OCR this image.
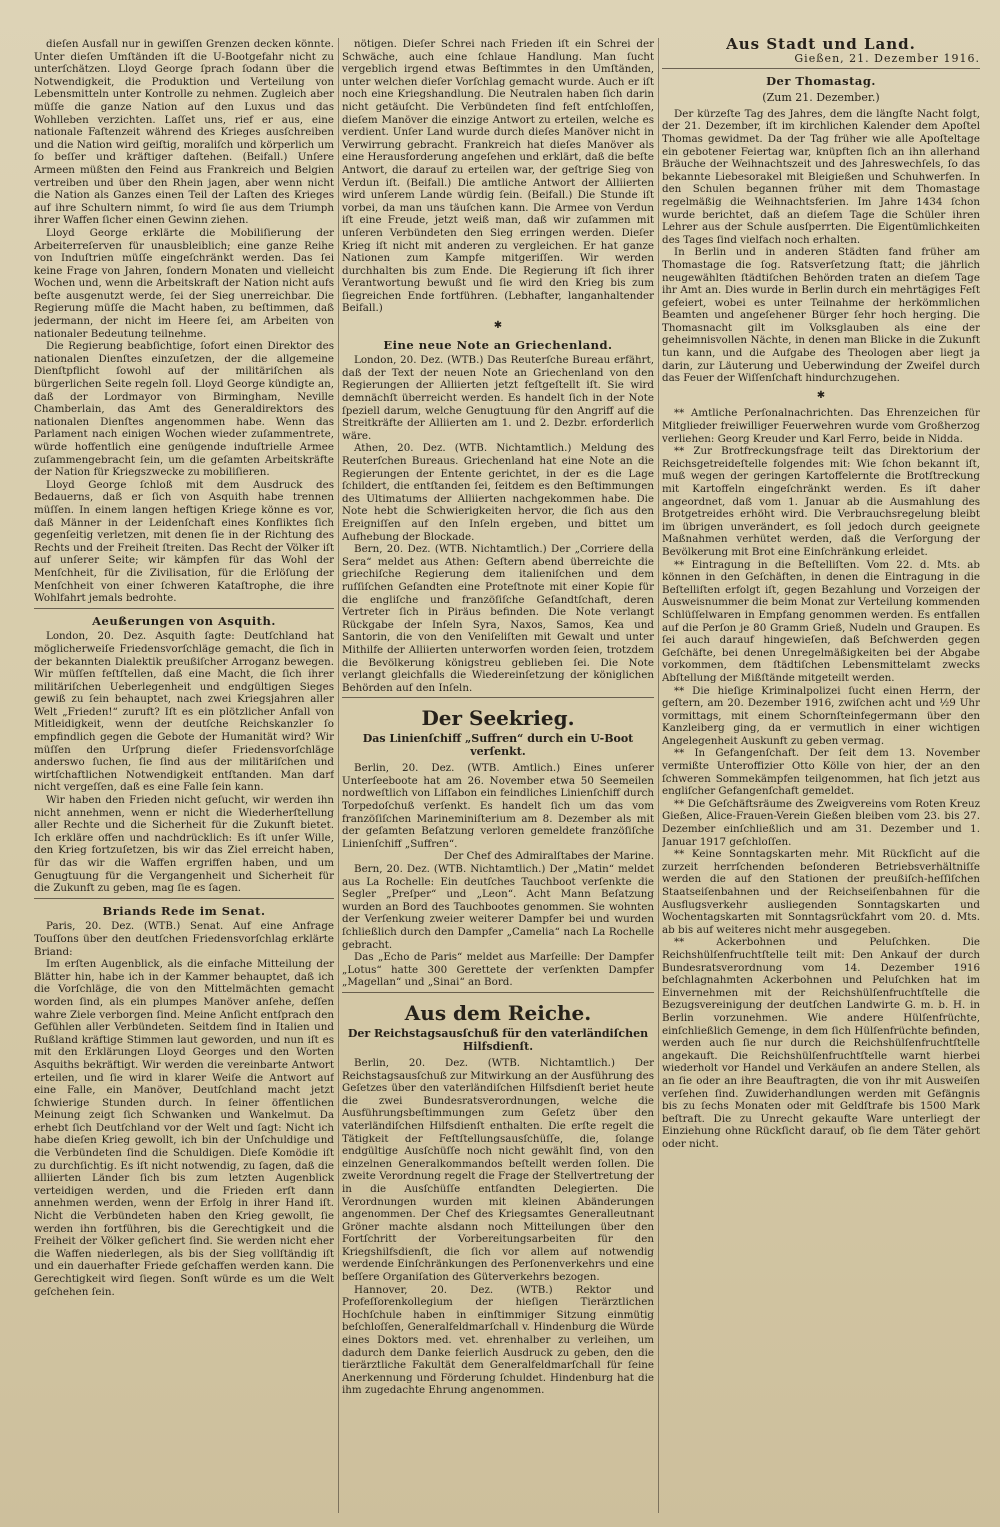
dieſen Ausfall nur in gewiſſen Grenzen decken könnte. Unter dieſen Umſtänden iſt die U-Bootgefahr nicht zu unterſchätzen. Lloyd George ſprach ſodann über die Notwendigkeit, die Produktion und Verteilung von Lebensmitteln unter Kontrolle zu nehmen. Zugleich aber müſſe die ganze Nation auf den Luxus und das Wohlleben verzichten. Laſſet uns, rief er aus, eine nationale Faſtenzeit während des Krieges ausſchreiben und die Nation wird geiſtig, moraliſch und körperlich um ſo beſſer und kräftiger daſtehen. (Beifall.) Unſere Armeen müßten den Feind aus Frankreich und Belgien vertreiben und über den Rhein jagen, aber wenn nicht die Nation als Ganzes einen Teil der Laſten des Krieges auf ihre Schultern nimmt, ſo wird ſie aus dem Triumph ihrer Waffen ſicher einen Gewinn ziehen.

Lloyd George erklärte die Mobiliſierung der Arbeiterreſerven für unausbleiblich; eine ganze Reihe von Induſtrien müſſe eingeſchränkt werden. Das ſei keine Frage von Jahren, ſondern Monaten und vielleicht Wochen und, wenn die Arbeitskraft der Nation nicht aufs beſte ausgenutzt werde, ſei der Sieg unerreichbar. Die Regierung müſſe die Macht haben, zu beſtimmen, daß jedermann, der nicht im Heere ſei, am Arbeiten von nationaler Bedeutung teilnehme.

Die Regierung beabſichtige, ſofort einen Direktor des nationalen Dienſtes einzuſetzen, der die allgemeine Dienſtpflicht ſowohl auf der militäriſchen als bürgerlichen Seite regeln ſoll. Lloyd George kündigte an, daß der Lordmayor von Birmingham, Neville Chamberlain, das Amt des Generaldirektors des nationalen Dienſtes angenommen habe. Wenn das Parlament nach einigen Wochen wieder zuſammentrete, würde hoffentlich eine genügende induſtrielle Armee zuſammengebracht ſein, um die geſamten Arbeitskräfte der Nation für Kriegszwecke zu mobiliſieren.

Lloyd George ſchloß mit dem Ausdruck des Bedauerns, daß er ſich von Asquith habe trennen müſſen. In einem langen heftigen Kriege könne es vor, daß Männer in der Leidenſchaft eines Konfliktes ſich gegenſeitig verletzen, mit denen ſie in der Richtung des Rechts und der Freiheit ſtreiten. Das Recht der Völker iſt auf unſerer Seite; wir kämpfen für das Wohl der Menſchheit, für die Zivilisation, für die Erlöſung der Menſchheit von einer ſchweren Kataſtrophe, die ihre Wohlfahrt jemals bedrohte.

Aeußerungen von Asquith.

London, 20. Dez. Asquith ſagte: Deutſchland hat möglicherweiſe Friedensvorſchläge gemacht, die ſich in der bekannten Dialektik preußiſcher Arroganz bewegen. Wir müſſen feſtſtellen, daß eine Macht, die ſich ihrer militäriſchen Ueberlegenheit und endgültigen Sieges gewiß zu ſein behauptet, nach zwei Kriegsjahren aller Welt „Frieden!“ zuruft? Iſt es ein plötzlicher Anfall von Mitleidigkeit, wenn der deutſche Reichskanzler ſo empfindlich gegen die Gebote der Humanität wird? Wir müſſen den Urſprung dieſer Friedensvorſchläge anderswo ſuchen, ſie ſind aus der militäriſchen und wirtſchaftlichen Notwendigkeit entſtanden. Man darf nicht vergeſſen, daß es eine Falle ſein kann.

Wir haben den Frieden nicht geſucht, wir werden ihn nicht annehmen, wenn er nicht die Wiederherſtellung aller Rechte und die Sicherheit für die Zukunft bietet. Ich erkläre offen und nachdrücklich: Es iſt unſer Wille, den Krieg fortzuſetzen, bis wir das Ziel erreicht haben, für das wir die Waffen ergriffen haben, und um Genugtuung für die Vergangenheit und Sicherheit für die Zukunft zu geben, mag ſie es ſagen.

Briands Rede im Senat.

Paris, 20. Dez. (WTB.) Senat. Auf eine Anfrage Touſſons über den deutſchen Friedensvorſchlag erklärte Briand:

Im erſten Augenblick, als die einfache Mitteilung der Blätter hin, habe ich in der Kammer behauptet, daß ich die Vorſchläge, die von den Mittelmächten gemacht worden ſind, als ein plumpes Manöver anſehe, deſſen wahre Ziele verborgen ſind. Meine Anſicht entſprach den Gefühlen aller Verbündeten. Seitdem ſind in Italien und Rußland kräftige Stimmen laut geworden, und nun iſt es mit den Erklärungen Lloyd Georges und den Worten Asquiths bekräftigt. Wir werden die vereinbarte Antwort erteilen, und ſie wird in klarer Weiſe die Antwort auf eine Falle, ein Manöver, Deutſchland macht jetzt ſchwierige Stunden durch. In ſeiner öffentlichen Meinung zeigt ſich Schwanken und Wankelmut. Da erhebt ſich Deutſchland vor der Welt und ſagt: Nicht ich habe dieſen Krieg gewollt, ich bin der Unſchuldige und die Verbündeten ſind die Schuldigen. Dieſe Komödie iſt zu durchſichtig. Es iſt nicht notwendig, zu ſagen, daß die alliierten Länder ſich bis zum letzten Augenblick verteidigen werden, und die Frieden erſt dann annehmen werden, wenn der Erfolg in ihrer Hand iſt. Nicht die Verbündeten haben den Krieg gewollt, ſie werden ihn fortführen, bis die Gerechtigkeit und die Freiheit der Völker geſichert ſind. Sie werden nicht eher die Waffen niederlegen, als bis der Sieg vollſtändig iſt und ein dauerhafter Friede geſchaffen werden kann. Die Gerechtigkeit wird ſiegen. Sonſt würde es um die Welt geſchehen ſein.

nötigen. Dieſer Schrei nach Frieden iſt ein Schrei der Schwäche, auch eine ſchlaue Handlung. Man ſucht vergeblich irgend etwas Beſtimmtes in den Umſtänden, unter welchen dieſer Vorſchlag gemacht wurde. Auch er iſt noch eine Kriegshandlung. Die Neutralen haben ſich darin nicht getäuſcht. Die Verbündeten ſind feſt entſchloſſen, dieſem Manöver die einzige Antwort zu erteilen, welche es verdient. Unſer Land wurde durch dieſes Manöver nicht in Verwirrung gebracht. Frankreich hat dieſes Manöver als eine Herausforderung angeſehen und erklärt, daß die beſte Antwort, die darauf zu erteilen war, der geſtrige Sieg von Verdun iſt. (Beifall.) Die amtliche Antwort der Alliierten wird unſerem Lande würdig ſein. (Beifall.) Die Stunde iſt vorbei, da man uns täuſchen kann. Die Armee von Verdun iſt eine Freude, jetzt weiß man, daß wir zuſammen mit unſeren Verbündeten den Sieg erringen werden. Dieſer Krieg iſt nicht mit anderen zu vergleichen. Er hat ganze Nationen zum Kampfe mitgeriſſen. Wir werden durchhalten bis zum Ende. Die Regierung iſt ſich ihrer Verantwortung bewußt und ſie wird den Krieg bis zum ſiegreichen Ende fortführen. (Lebhafter, langanhaltender Beifall.)

✱
Eine neue Note an Griechenland.

London, 20. Dez. (WTB.) Das Reuterſche Bureau erfährt, daß der Text der neuen Note an Griechenland von den Regierungen der Alliierten jetzt feſtgeſtellt iſt. Sie wird demnächſt überreicht werden. Es handelt ſich in der Note ſpeziell darum, welche Genugtuung für den Angriff auf die Streitkräfte der Alliierten am 1. und 2. Dezbr. erforderlich wäre.

Athen, 20. Dez. (WTB. Nichtamtlich.) Meldung des Reuterſchen Bureaus. Griechenland hat eine Note an die Regierungen der Entente gerichtet, in der es die Lage ſchildert, die entſtanden ſei, ſeitdem es den Beſtimmungen des Ultimatums der Alliierten nachgekommen habe. Die Note hebt die Schwierigkeiten hervor, die ſich aus den Ereigniſſen auf den Inſeln ergeben, und bittet um Aufhebung der Blockade.

Bern, 20. Dez. (WTB. Nichtamtlich.) Der „Corriere della Sera“ meldet aus Athen: Geſtern abend überreichte die griechiſche Regierung dem italieniſchen und dem ruſſiſchen Geſandten eine Proteſtnote mit einer Kopie für die engliſche und franzöſiſche Geſandtſchaft, deren Vertreter ſich in Piräus befinden. Die Note verlangt Rückgabe der Inſeln Syra, Naxos, Samos, Kea und Santorin, die von den Veniſeliſten mit Gewalt und unter Mithilfe der Alliierten unterworfen worden ſeien, trotzdem die Bevölkerung königstreu geblieben ſei. Die Note verlangt gleichfalls die Wiedereinſetzung der königlichen Behörden auf den Inſeln.

Der Seekrieg.
Das Linienſchiff „Suffren“ durch ein U-Boot verſenkt.

Berlin, 20. Dez. (WTB. Amtlich.) Eines unſerer Unterſeeboote hat am 26. November etwa 50 Seemeilen nordweſtlich von Liſſabon ein feindliches Linienſchiff durch Torpedoſchuß verſenkt. Es handelt ſich um das vom franzöſiſchen Marineminiſterium am 8. Dezember als mit der geſamten Beſatzung verloren gemeldete franzöſiſche Linienſchiff „Suffren“.

Der Chef des Admiralſtabes der Marine.

Bern, 20. Dez. (WTB. Nichtamtlich.) Der „Matin“ meldet aus La Rochelle: Ein deutſches Tauchboot verſenkte die Segler „Preſper“ und „Leon“. Acht Mann Beſatzung wurden an Bord des Tauchbootes genommen. Sie wohnten der Verſenkung zweier weiterer Dampfer bei und wurden ſchließlich durch den Dampfer „Camelia“ nach La Rochelle gebracht.

Das „Echo de Paris“ meldet aus Marſeille: Der Dampfer „Lotus“ hatte 300 Gerettete der verſenkten Dampfer „Magellan“ und „Sinai“ an Bord.

Aus dem Reiche.
Der Reichstagsausſchuß für den vaterländiſchen Hilfsdienſt.

Berlin, 20. Dez. (WTB. Nichtamtlich.) Der Reichstagsausſchuß zur Mitwirkung an der Ausführung des Geſetzes über den vaterländiſchen Hilfsdienſt beriet heute die zwei Bundesratsverordnungen, welche die Ausführungsbeſtimmungen zum Geſetz über den vaterländiſchen Hilfsdienſt enthalten. Die erſte regelt die Tätigkeit der Feſtſtellungsausſchüſſe, die, ſolange endgültige Ausſchüſſe noch nicht gewählt ſind, von den einzelnen Generalkommandos beſtellt werden ſollen. Die zweite Verordnung regelt die Frage der Stellvertretung der in die Ausſchüſſe entſandten Delegierten. Die Verordnungen wurden mit kleinen Abänderungen angenommen. Der Chef des Kriegsamtes Generalleutnant Gröner machte alsdann noch Mitteilungen über den Fortſchritt der Vorbereitungsarbeiten für den Kriegshilfsdienſt, die ſich vor allem auf notwendig werdende Einſchränkungen des Perſonenverkehrs und eine beſſere Organiſation des Güterverkehrs bezogen.

Hannover, 20. Dez. (WTB.) Rektor und Profeſſorenkollegium der hieſigen Tierärztlichen Hochſchule haben in einſtimmiger Sitzung einmütig beſchloſſen, Generalfeldmarſchall v. Hindenburg die Würde eines Doktors med. vet. ehrenhalber zu verleihen, um dadurch dem Danke feierlich Ausdruck zu geben, den die tierärztliche Fakultät dem Generalfeldmarſchall für ſeine Anerkennung und Förderung ſchuldet. Hindenburg hat die ihm zugedachte Ehrung angenommen.

Aus Stadt und Land.
Gießen, 21. Dezember 1916.
Der Thomastag.
(Zum 21. Dezember.)

Der kürzeſte Tag des Jahres, dem die längſte Nacht folgt, der 21. Dezember, iſt im kirchlichen Kalender dem Apoſtel Thomas gewidmet. Da der Tag früher wie alle Apoſteltage ein gebotener Feiertag war, knüpften ſich an ihn allerhand Bräuche der Weihnachtszeit und des Jahreswechſels, ſo das bekannte Liebesorakel mit Bleigießen und Schuhwerfen. In den Schulen begannen früher mit dem Thomastage regelmäßig die Weihnachtsferien. Im Jahre 1434 ſchon wurde berichtet, daß an dieſem Tage die Schüler ihren Lehrer aus der Schule ausſperrten. Die Eigentümlichkeiten des Tages ſind vielfach noch erhalten.

In Berlin und in anderen Städten fand früher am Thomastage die ſog. Ratsverſetzung ſtatt; die jährlich neugewählten ſtädtiſchen Behörden traten an dieſem Tage ihr Amt an. Dies wurde in Berlin durch ein mehrtägiges Feſt gefeiert, wobei es unter Teilnahme der herkömmlichen Beamten und angeſehener Bürger ſehr hoch herging. Die Thomasnacht gilt im Volksglauben als eine der geheimnisvollen Nächte, in denen man Blicke in die Zukunft tun kann, und die Aufgabe des Theologen aber liegt ja darin, zur Läuterung und Ueberwindung der Zweifel durch das Feuer der Wiſſenſchaft hindurchzugehen.

✱

** Amtliche Perſonalnachrichten. Das Ehrenzeichen für Mitglieder freiwilliger Feuerwehren wurde vom Großherzog verliehen: Georg Kreuder und Karl Ferro, beide in Nidda.

** Zur Brotfreckungsfrage teilt das Direktorium der Reichsgetreideſtelle folgendes mit: Wie ſchon bekannt iſt, muß wegen der geringen Kartoffelernte die Brotſtreckung mit Kartoffeln eingeſchränkt werden. Es iſt daher angeordnet, daß vom 1. Januar ab die Ausmahlung des Brotgetreides erhöht wird. Die Verbrauchsregelung bleibt im übrigen unverändert, es ſoll jedoch durch geeignete Maßnahmen verhütet werden, daß die Verſorgung der Bevölkerung mit Brot eine Einſchränkung erleidet.

** Eintragung in die Beſtelliſten. Vom 22. d. Mts. ab können in den Geſchäften, in denen die Eintragung in die Beſtelliſten erfolgt iſt, gegen Bezahlung und Vorzeigen der Ausweisnummer die beim Monat zur Verteilung kommenden Schlüſſelwaren in Empfang genommen werden. Es entfallen auf die Perſon je 80 Gramm Grieß, Nudeln und Graupen. Es ſei auch darauf hingewieſen, daß Beſchwerden gegen Geſchäfte, bei denen Unregelmäßigkeiten bei der Abgabe vorkommen, dem ſtädtiſchen Lebensmittelamt zwecks Abſtellung der Mißſtände mitgeteilt werden.

** Die hieſige Kriminalpolizei ſucht einen Herrn, der geſtern, am 20. Dezember 1916, zwiſchen acht und ½9 Uhr vormittags, mit einem Schornſteinfegermann über den Kanzleiberg ging, da er vermutlich in einer wichtigen Angelegenheit Auskunft zu geben vermag.

** In Gefangenſchaft. Der ſeit dem 13. November vermißte Unteroffizier Otto Kölle von hier, der an den ſchweren Sommekämpfen teilgenommen, hat ſich jetzt aus engliſcher Gefangenſchaft gemeldet.

** Die Geſchäftsräume des Zweigvereins vom Roten Kreuz Gießen, Alice-Frauen-Verein Gießen bleiben vom 23. bis 27. Dezember einſchließlich und am 31. Dezember und 1. Januar 1917 geſchloſſen.

** Keine Sonntagskarten mehr. Mit Rückſicht auf die zurzeit herrſchenden beſonderen Betriebsverhältniſſe werden die auf den Stationen der preußiſch-heſſiſchen Staatseiſenbahnen und der Reichseiſenbahnen für die Ausflugsverkehr ausliegenden Sonntagskarten und Wochentagskarten mit Sonntagsrückfahrt vom 20. d. Mts. ab bis auf weiteres nicht mehr ausgegeben.

** Ackerbohnen und Peluſchken. Die Reichshülſenfruchtſtelle teilt mit: Den Ankauf der durch Bundesratsverordnung vom 14. Dezember 1916 beſchlagnahmten Ackerbohnen und Peluſchken hat im Einvernehmen mit der Reichshülſenfruchtſtelle die Bezugsvereinigung der deutſchen Landwirte G. m. b. H. in Berlin vorzunehmen. Wie andere Hülſenfrüchte, einſchließlich Gemenge, in dem ſich Hülſenfrüchte befinden, werden auch ſie nur durch die Reichshülſenfruchtſtelle angekauft. Die Reichshülſenfruchtſtelle warnt hierbei wiederholt vor Handel und Verkäufen an andere Stellen, als an ſie oder an ihre Beauftragten, die von ihr mit Ausweiſen verſehen ſind. Zuwiderhandlungen werden mit Gefängnis bis zu ſechs Monaten oder mit Geldſtrafe bis 1500 Mark beſtraft. Die zu Unrecht gekaufte Ware unterliegt der Einziehung ohne Rückſicht darauf, ob ſie dem Täter gehört oder nicht.
